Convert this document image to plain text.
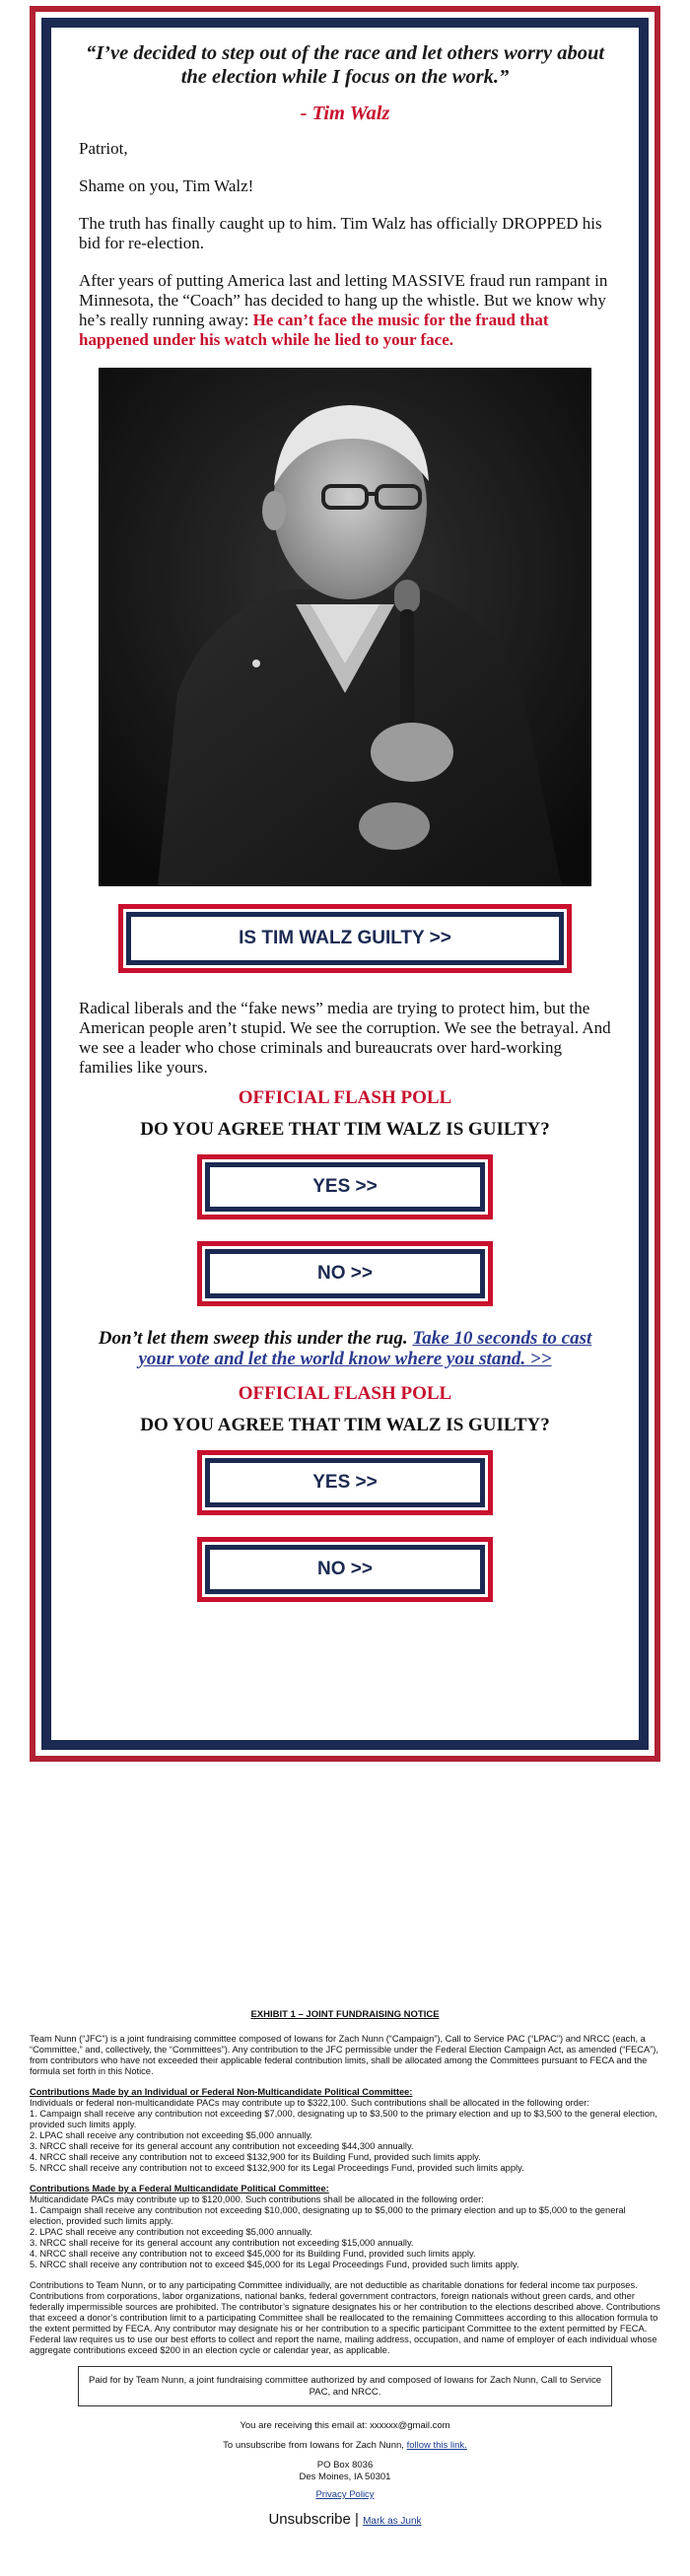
“I’ve decided to step out of the race and let others worry about the election while I focus on the work.”

- Tim Walz

Patriot,

Shame on you, Tim Walz!

The truth has finally caught up to him. Tim Walz has officially DROPPED his bid for re-election.

After years of putting America last and letting MASSIVE fraud run rampant in Minnesota, the “Coach” has decided to hang up the whistle. But we know why he’s really running away: He can’t face the music for the fraud that happened under his watch while he lied to your face.

IS TIM WALZ GUILTY >>

Radical liberals and the “fake news” media are trying to protect him, but the American people aren’t stupid. We see the corruption. We see the betrayal. And we see a leader who chose criminals and bureaucrats over hard-working families like yours.

OFFICIAL FLASH POLL
DO YOU AGREE THAT TIM WALZ IS GUILTY?
YES >>
NO >>
Don’t let them sweep this under the rug. Take 10 seconds to cast your vote and let the world know where you stand. >>
OFFICIAL FLASH POLL
DO YOU AGREE THAT TIM WALZ IS GUILTY?
YES >>
NO >>
EXHIBIT 1 – JOINT FUNDRAISING NOTICE

Team Nunn (“JFC”) is a joint fundraising committee composed of Iowans for Zach Nunn (“Campaign”), Call to Service PAC (“LPAC”) and NRCC (each, a “Committee,” and, collectively, the “Committees”). Any contribution to the JFC permissible under the Federal Election Campaign Act, as amended (“FECA”), from contributors who have not exceeded their applicable federal contribution limits, shall be allocated among the Committees pursuant to FECA and the formula set forth in this Notice.

Contributions Made by an Individual or Federal Non-Multicandidate Political Committee:
Individuals or federal non-multicandidate PACs may contribute up to $322,100. Such contributions shall be allocated in the following order:
1. Campaign shall receive any contribution not exceeding $7,000, designating up to $3,500 to the primary election and up to $3,500 to the general election, provided such limits apply.
2. LPAC shall receive any contribution not exceeding $5,000 annually.
3. NRCC shall receive for its general account any contribution not exceeding $44,300 annually.
4. NRCC shall receive any contribution not to exceed $132,900 for its Building Fund, provided such limits apply.
5. NRCC shall receive any contribution not to exceed $132,900 for its Legal Proceedings Fund, provided such limits apply.
Contributions Made by a Federal Multicandidate Political Committee:
Multicandidate PACs may contribute up to $120,000. Such contributions shall be allocated in the following order:
1. Campaign shall receive any contribution not exceeding $10,000, designating up to $5,000 to the primary election and up to $5,000 to the general election, provided such limits apply.
2. LPAC shall receive any contribution not exceeding $5,000 annually.
3. NRCC shall receive for its general account any contribution not exceeding $15,000 annually.
4. NRCC shall receive any contribution not to exceed $45,000 for its Building Fund, provided such limits apply.
5. NRCC shall receive any contribution not to exceed $45,000 for its Legal Proceedings Fund, provided such limits apply.

Contributions to Team Nunn, or to any participating Committee individually, are not deductible as charitable donations for federal income tax purposes. Contributions from corporations, labor organizations, national banks, federal government contractors, foreign nationals without green cards, and other federally impermissible sources are prohibited. The contributor’s signature designates his or her contribution to the elections described above. Contributions that exceed a donor’s contribution limit to a participating Committee shall be reallocated to the remaining Committees according to this allocation formula to the extent permitted by FECA. Any contributor may designate his or her contribution to a specific participant Committee to the extent permitted by FECA. Federal law requires us to use our best efforts to collect and report the name, mailing address, occupation, and name of employer of each individual whose aggregate contributions exceed $200 in an election cycle or calendar year, as applicable.

Paid for by Team Nunn, a joint fundraising committee authorized by and composed of Iowans for Zach Nunn, Call to Service PAC, and NRCC.
You are receiving this email at: xxxxxx@gmail.com
To unsubscribe from Iowans for Zach Nunn, follow this link.
PO Box 8036
Des Moines, IA 50301
Privacy Policy
Unsubscribe | Mark as Junk
